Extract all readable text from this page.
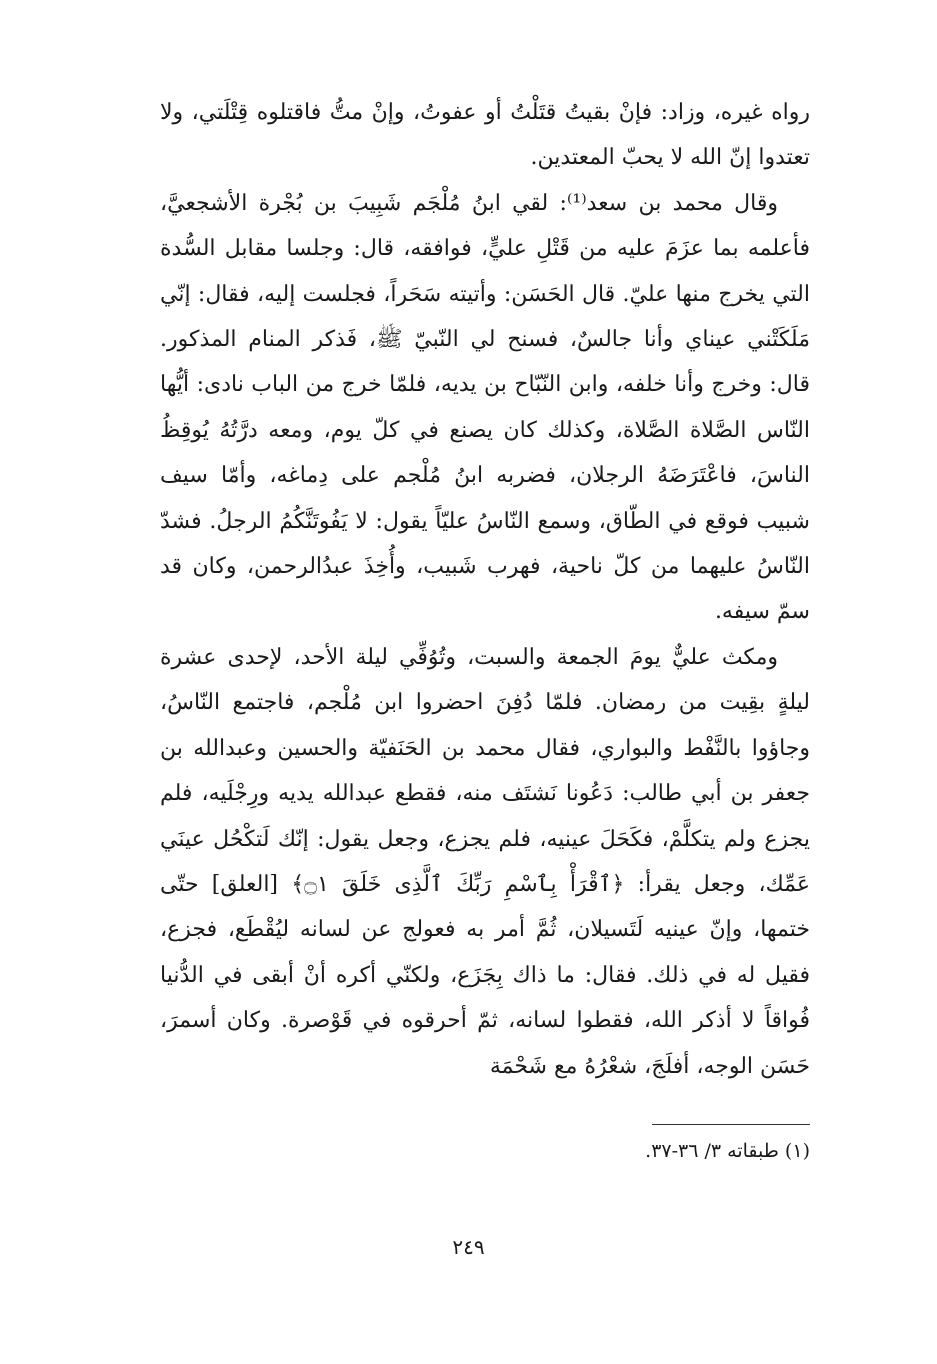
رواه غيره، وزاد: فإنْ بقيتُ قتَلْتُ أو عفوتُ، وإنْ متُّ فاقتلوه قِتْلَتي، ولا تعتدوا إنّ الله لا يحبّ المعتدين.

وقال محمد بن سعد⁽¹⁾: لقي ابنُ مُلْجَم شَبِيبَ بن بُجْرة الأشجعيَّ، فأعلمه بما عزَمَ عليه من قَتْلِ عليٍّ، فوافقه، قال: وجلسا مقابل السُّدة التي يخرج منها عليّ. قال الحَسَن: وأتيته سَحَراً، فجلست إليه، فقال: إنّي مَلَكَتْني عيناي وأنا جالسٌ، فسنح لي النّبيّ ﷺ، فَذكر المنام المذكور. قال: وخرج وأنا خلفه، وابن النّبّاح بن يديه، فلمّا خرج من الباب نادى: أيُّها النّاس الصَّلاة الصَّلاة، وكذلك كان يصنع في كلّ يوم، ومعه درَّتُهُ يُوقِظُ الناسَ، فاعْتَرَضَهُ الرجلان، فضربه ابنُ مُلْجم على دِماغه، وأمّا سيف شبيب فوقع في الطّاق، وسمع النّاسُ عليّاً يقول: لا يَفُوتَنَّكُمُ الرجلُ. فشدّ النّاسُ عليهما من كلّ ناحية، فهرب شَبيب، وأُخِذَ عبدُالرحمن، وكان قد سمّ سيفه.

ومكث عليٌّ يومَ الجمعة والسبت، وتُوُفِّي ليلة الأحد، لإحدى عشرة ليلةٍ بقِيت من رمضان. فلمّا دُفِنَ احضروا ابن مُلْجم، فاجتمع النّاسُ، وجاؤوا بالنَّفْط والبواري، فقال محمد بن الحَنَفيّة والحسين وعبدالله بن جعفر بن أبي طالب: دَعُونا نَشتَف منه، فقطع عبدالله يديه ورِجْلَيه، فلم يجزع ولم يتكلَّمْ، فكَحَلَ عينيه، فلم يجزع، وجعل يقول: إنّك لَتكْحُل عينَي عَمِّك، وجعل يقرأ: ﴿ٱقْرَأْ بِٱسْمِ رَبِّكَ ٱلَّذِى خَلَقَ ۝١﴾ [العلق] حتّى ختمها، وإنّ عينيه لَتَسيلان، ثُمَّ أمر به فعولج عن لسانه ليُقْطَع، فجزع، فقيل له في ذلك. فقال: ما ذاك بِجَزَع، ولكنّي أكره أنْ أبقى في الدُّنيا فُواقاً لا أذكر الله، فقطوا لسانه، ثمّ أحرقوه في قَوْصرة. وكان أسمرَ، حَسَن الوجه، أفلَجَ، شعْرُهُ مع شَحْمَة

(١) طبقاته ٣/ ٣٦-٣٧.
٢٤٩
